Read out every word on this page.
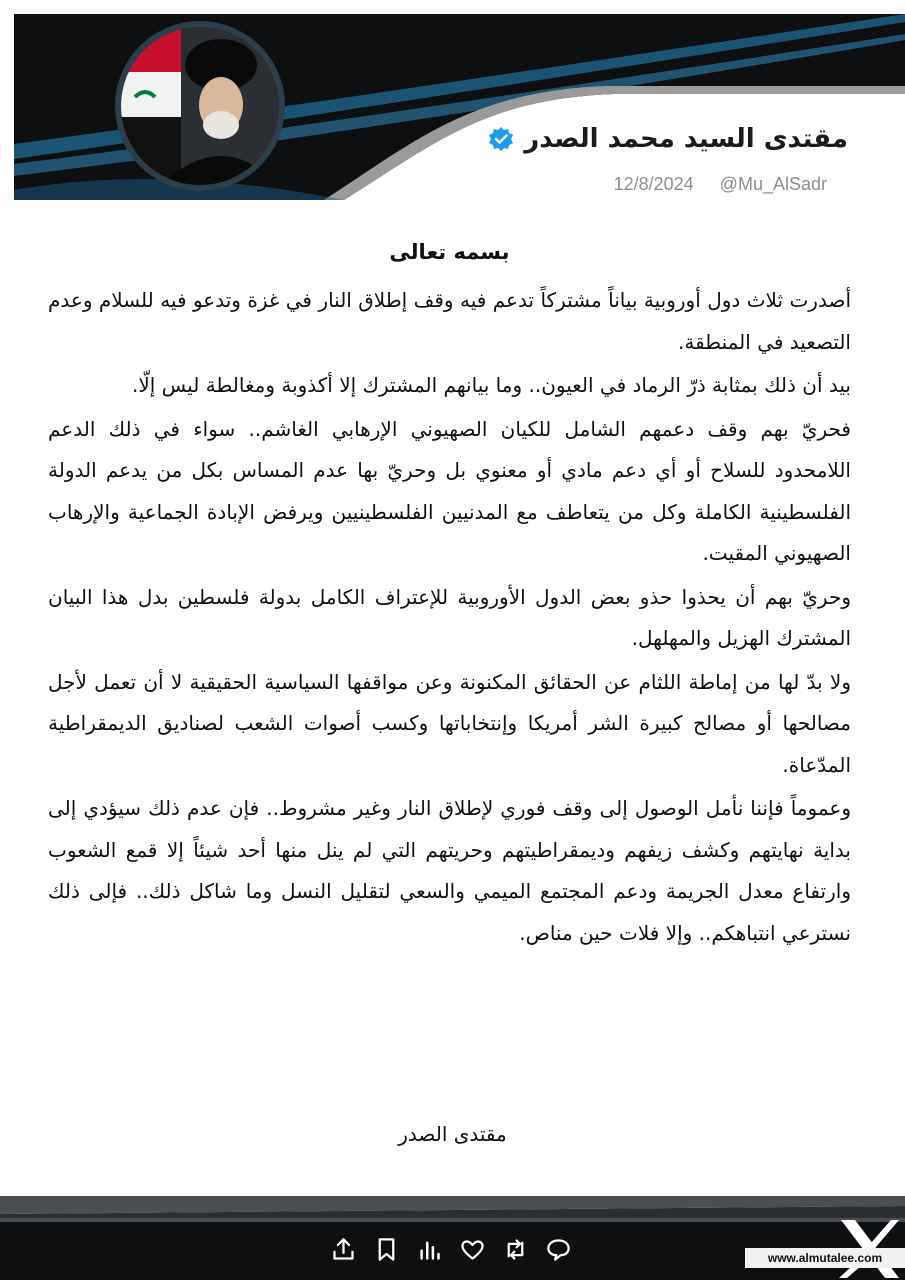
مقتدى السيد محمد الصدر
12/8/2024 @Mu_AlSadr
بسمه تعالى

أصدرت ثلاث دول أوروبية بياناً مشتركاً تدعم فيه وقف إطلاق النار في غزة وتدعو فيه للسلام وعدم التصعيد في المنطقة.

بيد أن ذلك بمثابة ذرّ الرماد في العيون.. وما بيانهم المشترك إلا أكذوبة ومغالطة ليس إلّا.

فحريّ بهم وقف دعمهم الشامل للكيان الصهيوني الإرهابي الغاشم.. سواء في ذلك الدعم اللامحدود للسلاح أو أي دعم مادي أو معنوي بل وحريّ بها عدم المساس بكل من يدعم الدولة الفلسطينية الكاملة وكل من يتعاطف مع المدنيين الفلسطينيين ويرفض الإبادة الجماعية والإرهاب الصهيوني المقيت.

وحريّ بهم أن يحذوا حذو بعض الدول الأوروبية للإعتراف الكامل بدولة فلسطين بدل هذا البيان المشترك الهزيل والمهلهل.

ولا بدّ لها من إماطة اللثام عن الحقائق المكنونة وعن مواقفها السياسية الحقيقية لا أن تعمل لأجل مصالحها أو مصالح كبيرة الشر أمريكا وإنتخاباتها وكسب أصوات الشعب لصناديق الديمقراطية المدّعاة.

وعموماً فإننا نأمل الوصول إلى وقف فوري لإطلاق النار وغير مشروط.. فإن عدم ذلك سيؤدي إلى بداية نهايتهم وكشف زيفهم وديمقراطيتهم وحريتهم التي لم ينل منها أحد شيئاً إلا قمع الشعوب وارتفاع معدل الجريمة ودعم المجتمع الميمي والسعي لتقليل النسل وما شاكل ذلك.. فإلى ذلك نسترعي انتباهكم.. وإلا فلات حين مناص.

مقتدى الصدر
www.almutalee.com
